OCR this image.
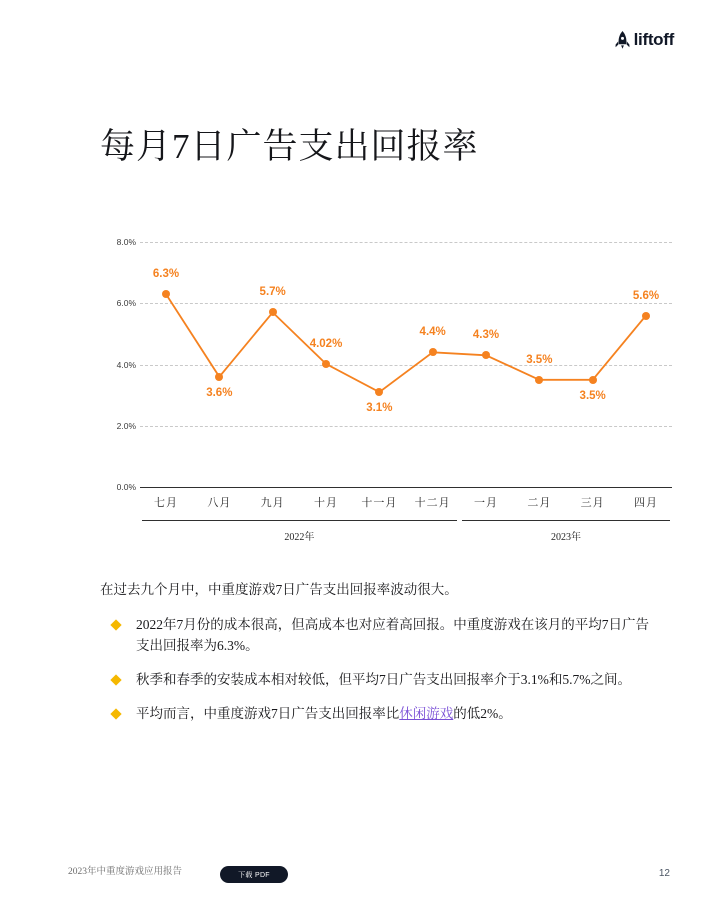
liftoff
每月7日广告支出回报率
0.0%
2.0%
4.0%
6.0%
8.0%
6.3%
3.6%
5.7%
4.02%
3.1%
4.4% 4.3%
3.5%
3.5%
5.6%
七月	八月	九月	十月 十一月 十二月 一月	二月	三月	四月
2022年	2023年

在过去九个月中，中重度游戏7日广告支出回报率波动很大。

2022年7月份的成本很高，但高成本也对应着高回报。中重度游戏在该月的平均7日广告支出回报率为6.3%。
秋季和春季的安装成本相对较低，但平均7日广告支出回报率介于3.1%和5.7%之间。
平均而言，中重度游戏7日广告支出回报率比休闲游戏的低2%。
2023年中重度游戏应用报告	下载 PDF	12
